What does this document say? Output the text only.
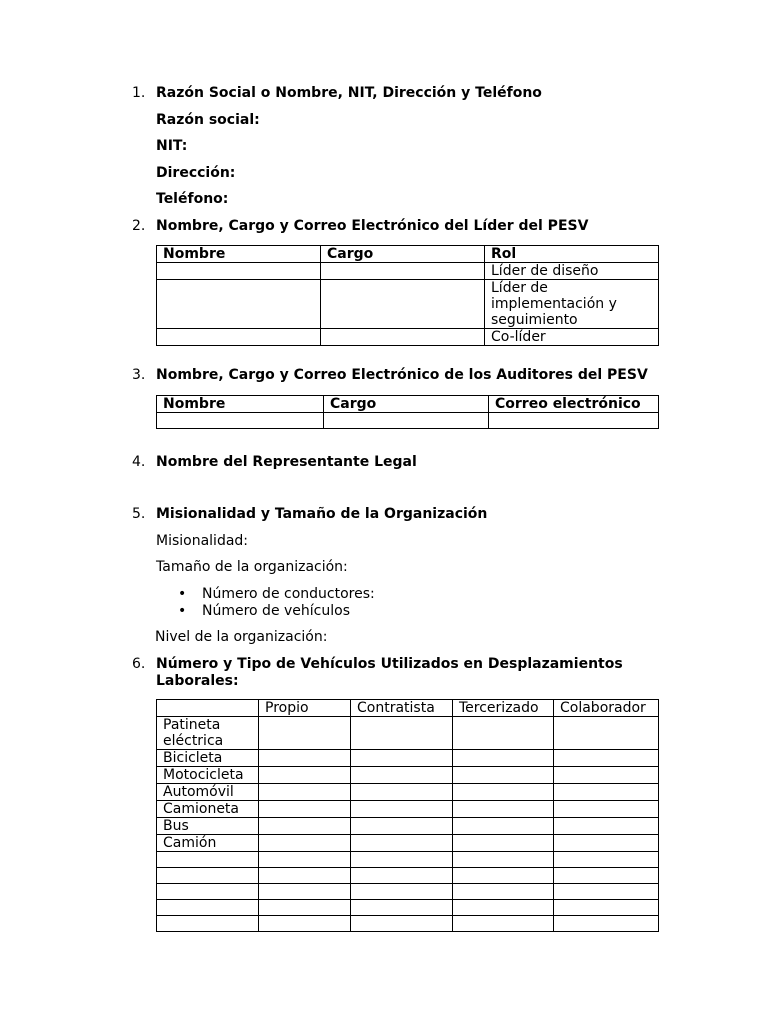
1. Razón Social o Nombre, NIT, Dirección y Teléfono
Razón social:
NIT:
Dirección:
Teléfono:
2. Nombre, Cargo y Correo Electrónico del Líder del PESV
Nombre	Cargo	Rol
		Líder de diseño

		Líder de
implementación y
seguimiento

		Co-líder
3. Nombre, Cargo y Correo Electrónico de los Auditores del PESV
Nombre	Cargo	Correo electrónico

4. Nombre del Representante Legal
5. Misionalidad y Tamaño de la Organización
Misionalidad:
Tamaño de la organización:
• Número de conductores:
• Número de vehículos
Nivel de la organización:
6. Número y Tipo de Vehículos Utilizados en Desplazamientos
Laborales:
	Propio	Contratista	Tercerizado	Colaborador

Patineta
eléctrica				

Bicicleta				
Motocicleta				
Automóvil				
Camioneta				
Bus				
Camión				
